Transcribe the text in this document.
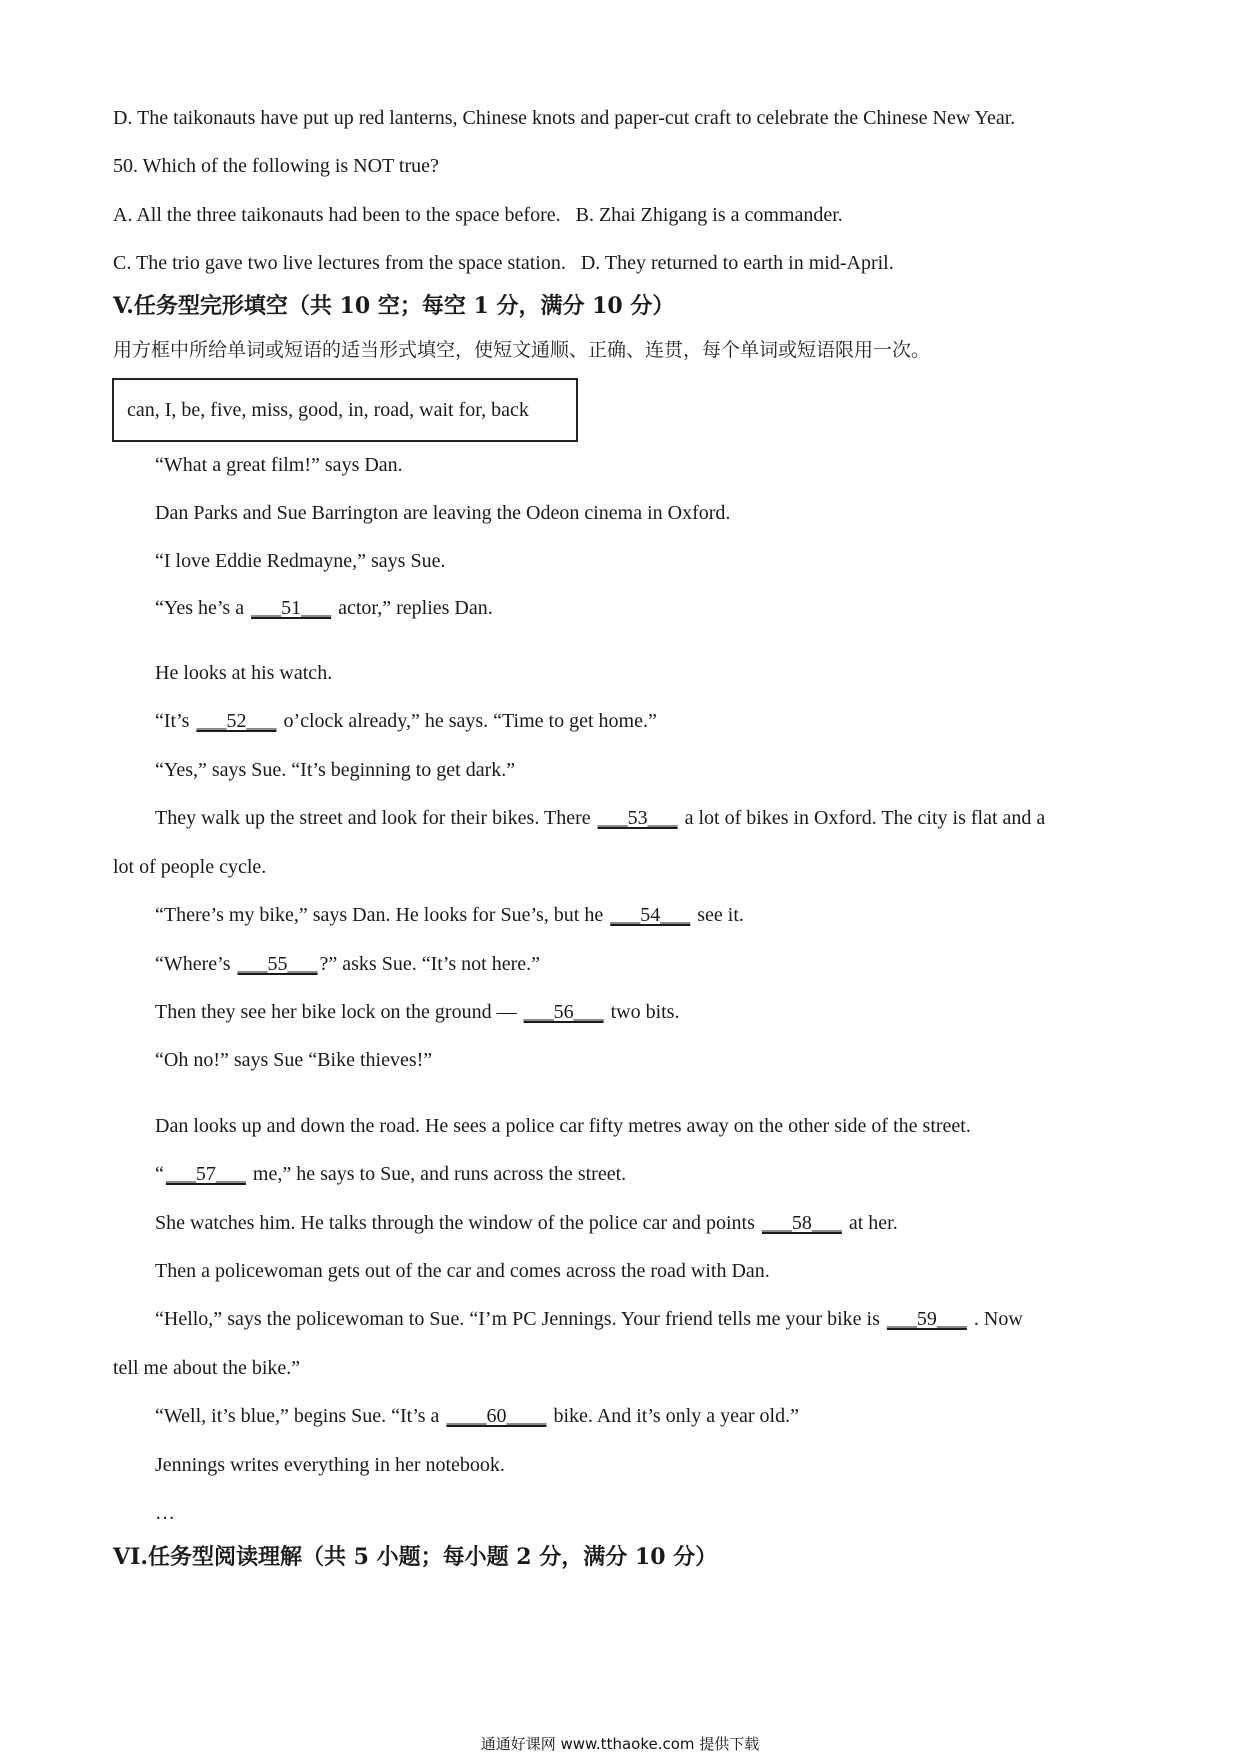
D. The taikonauts have put up red lanterns, Chinese knots and paper-cut craft to celebrate the Chinese New Year.
50. Which of the following is NOT true?
A. All the three taikonauts had been to the space before. B. Zhai Zhigang is a commander.
C. The trio gave two live lectures from the space station. D. They returned to earth in mid-April.
V.任务型完形填空（共 10 空；每空 1 分，满分 10 分）
用方框中所给单词或短语的适当形式填空，使短文通顺、正确、连贯，每个单词或短语限用一次。
can, I, be, five, miss, good, in, road, wait for, back
“What a great film!” says Dan.
Dan Parks and Sue Barrington are leaving the Odeon cinema in Oxford.
“I love Eddie Redmayne,” says Sue.
“Yes he’s a ___51___ actor,” replies Dan.
He looks at his watch.
“It’s ___52___ o’clock already,” he says. “Time to get home.”
“Yes,” says Sue. “It’s beginning to get dark.”
They walk up the street and look for their bikes. There ___53___ a lot of bikes in Oxford. The city is flat and a
lot of people cycle.
“There’s my bike,” says Dan. He looks for Sue’s, but he ___54___ see it.
“Where’s ___55___ ?” asks Sue. “It’s not here.”
Then they see her bike lock on the ground — ___56___ two bits.
“Oh no!” says Sue “Bike thieves!”
Dan looks up and down the road. He sees a police car fifty metres away on the other side of the street.
“ ___57___ me,” he says to Sue, and runs across the street.
She watches him. He talks through the window of the police car and points ___58___ at her.
Then a policewoman gets out of the car and comes across the road with Dan.
“Hello,” says the policewoman to Sue. “I’m PC Jennings. Your friend tells me your bike is ___59___ . Now
tell me about the bike.”
“Well, it’s blue,” begins Sue. “It’s a ____60____ bike. And it’s only a year old.”
Jennings writes everything in her notebook.
…
VI.任务型阅读理解（共 5 小题；每小题 2 分，满分 10 分）
通通好课网 www.tthaoke.com 提供下载
